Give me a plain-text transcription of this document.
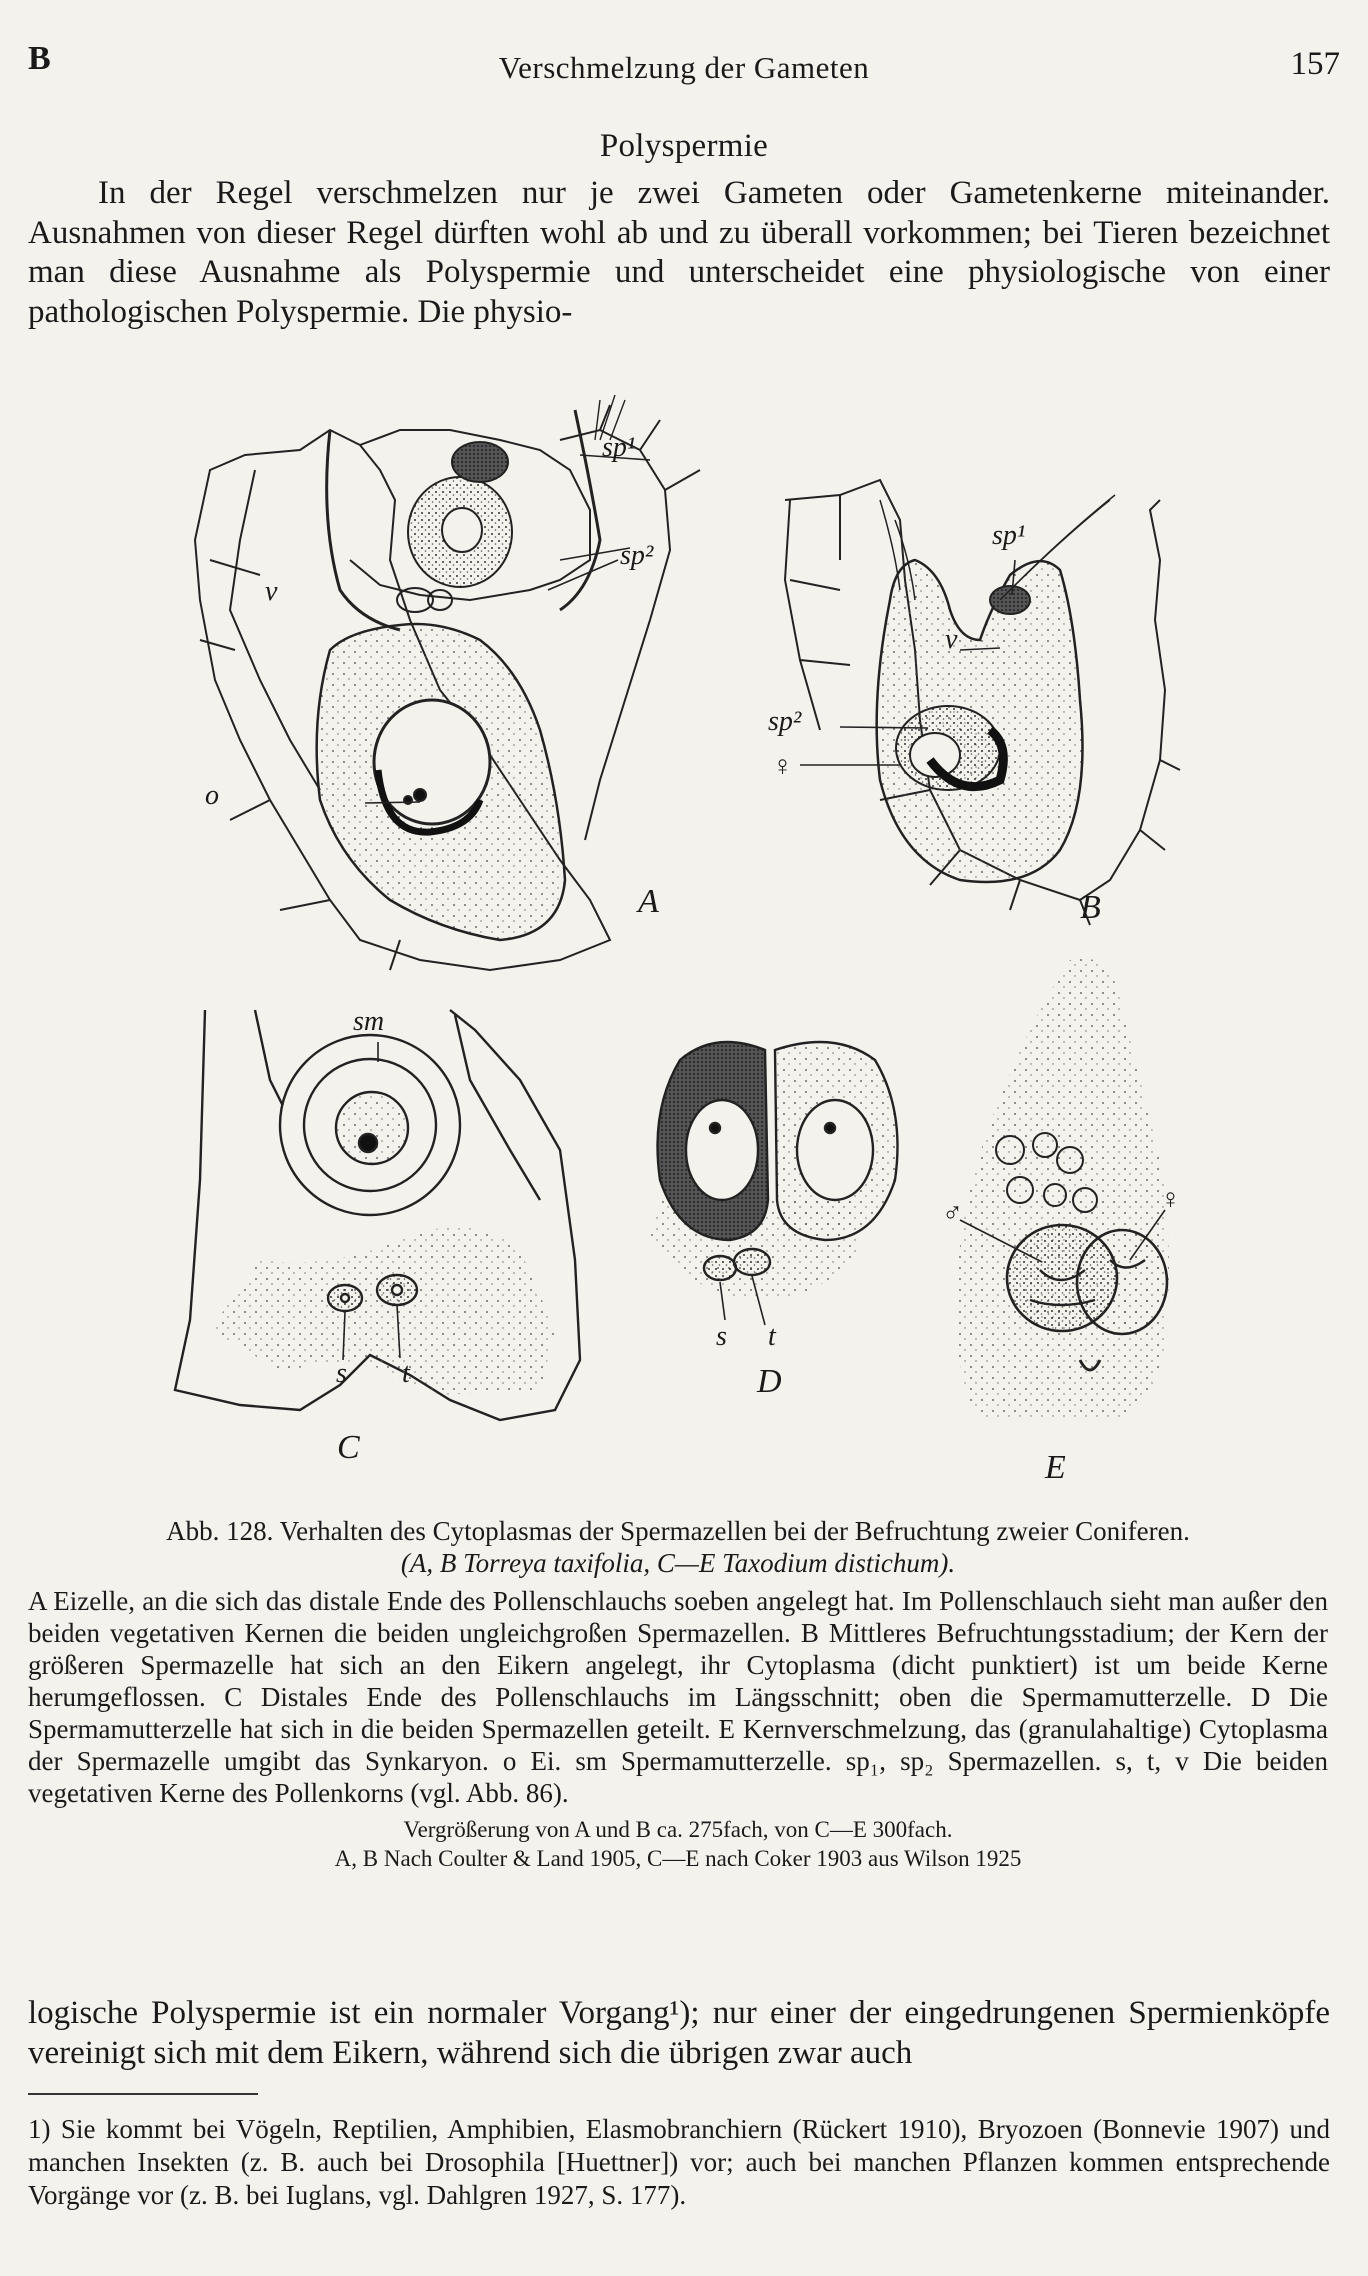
B	Verschmelzung der Gameten	157
Polyspermie
In der Regel verschmelzen nur je zwei Gameten oder Gametenkerne miteinander. Ausnahmen von dieser Regel dürften wohl ab und zu überall vorkommen; bei Tieren bezeichnet man diese Ausnahme als Polyspermie und unterscheidet eine physiologische von einer pathologischen Polyspermie. Die physio-
sp¹
sp²
v
o
A
sp¹
v
sp²
♀
B
sm
s t
C
s t
D
♂	♀
E
Abb. 128. Verhalten des Cytoplasmas der Spermazellen bei der Befruchtung zweier Coniferen.
(A, B Torreya taxifolia, C—E Taxodium distichum).
A Eizelle, an die sich das distale Ende des Pollenschlauchs soeben angelegt hat. Im Pollenschlauch sieht man außer den beiden vegetativen Kernen die beiden ungleichgroßen Spermazellen. B Mittleres Befruchtungsstadium; der Kern der größeren Spermazelle hat sich an den Eikern angelegt, ihr Cytoplasma (dicht punktiert) ist um beide Kerne herumgeflossen. C Distales Ende des Pollenschlauchs im Längsschnitt; oben die Spermamutterzelle. D Die Spermamutterzelle hat sich in die beiden Spermazellen geteilt. E Kernverschmelzung, das (granulahaltige) Cytoplasma der Spermazelle umgibt das Synkaryon. o Ei. sm Spermamutterzelle. sp₁, sp₂ Spermazellen. s, t, v Die beiden vegetativen Kerne des Pollenkorns (vgl. Abb. 86).
Vergrößerung von A und B ca. 275fach, von C—E 300fach.
A, B Nach Coulter & Land 1905, C—E nach Coker 1903 aus Wilson 1925
logische Polyspermie ist ein normaler Vorgang¹); nur einer der eingedrungenen Spermienköpfe vereinigt sich mit dem Eikern, während sich die übrigen zwar auch
1) Sie kommt bei Vögeln, Reptilien, Amphibien, Elasmobranchiern (Rückert 1910), Bryozoen (Bonnevie 1907) und manchen Insekten (z. B. auch bei Drosophila [Huettner]) vor; auch bei manchen Pflanzen kommen entsprechende Vorgänge vor (z. B. bei Iuglans, vgl. Dahlgren 1927, S. 177).
